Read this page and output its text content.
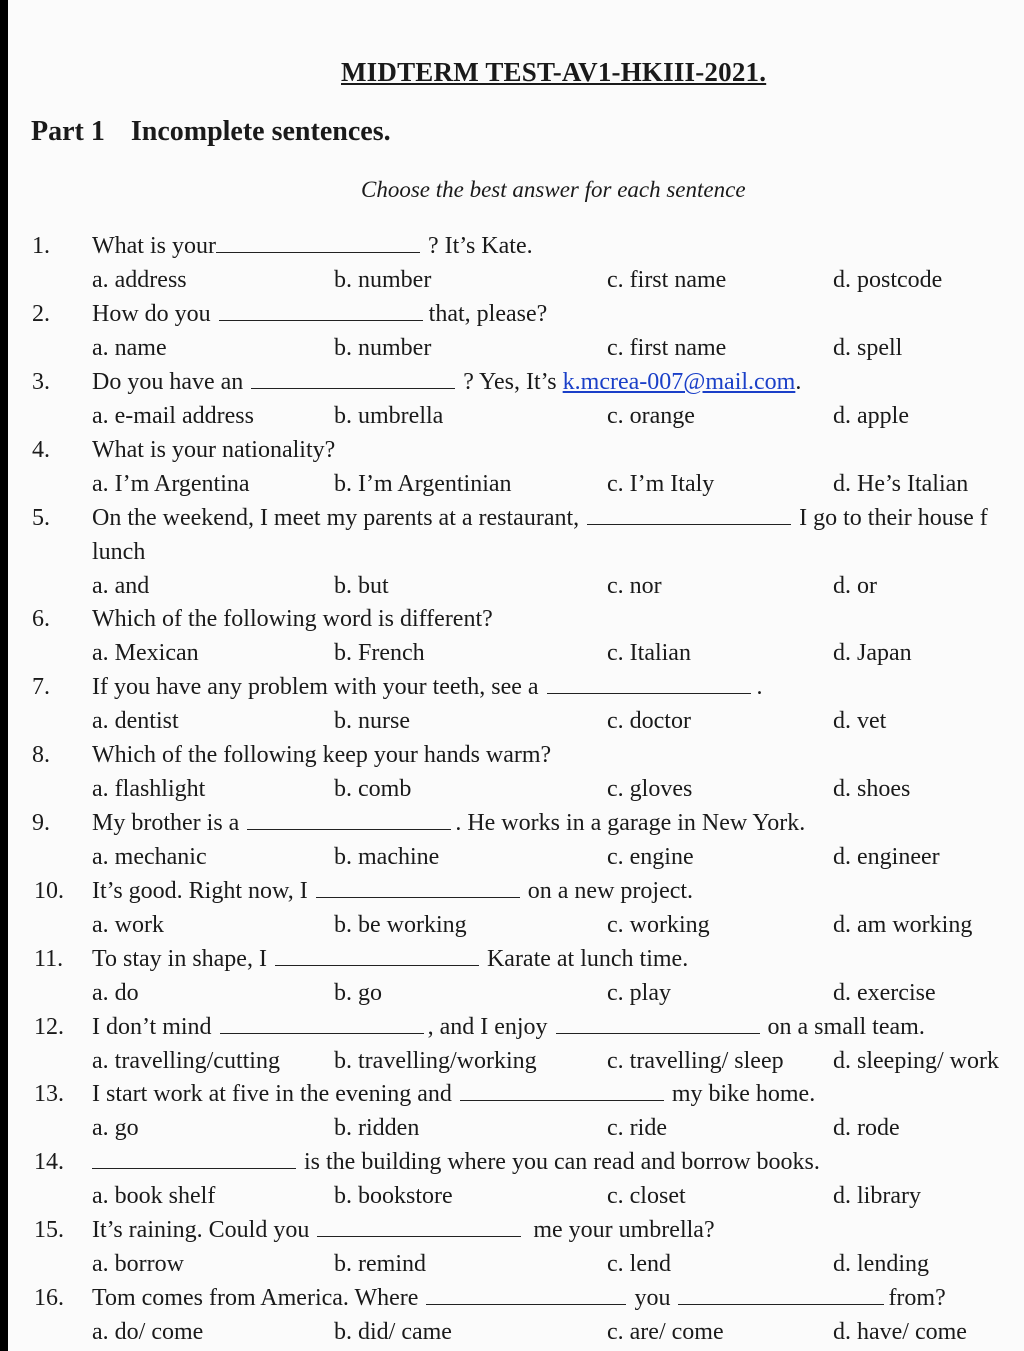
MIDTERM TEST-AV1-HKIII-2021.
Part 1 Incomplete sentences.
Choose the best answer for each sentence
1. What is your	? It’s Kate.
a. address	b. number	c. first name	d. postcode
2. How do you	that, please?
a. name	b. number	c. first name	d. spell
3. Do you have an	? Yes, It’s k.mcrea-007@mail.com.
a. e-mail address	b. umbrella	c. orange	d. apple
4. What is your nationality?
a. I’m Argentina	b. I’m Argentinian	c. I’m Italy	d. He’s Italian
5. On the weekend, I meet my parents at a restaurant,	I go to their house f
lunch
a. and	b. but	c. nor	d. or
6. Which of the following word is different?
a. Mexican	b. French	c. Italian	d. Japan
7. If you have any problem with your teeth, see a	.
a. dentist	b. nurse	c. doctor	d. vet
8. Which of the following keep your hands warm?
a. flashlight	b. comb	c. gloves	d. shoes
9. My brother is a	. He works in a garage in New York.
a. mechanic	b. machine	c. engine	d. engineer
10. It’s good. Right now, I	on a new project.
a. work	b. be working	c. working	d. am working
11. To stay in shape, I	Karate at lunch time.
a. do	b. go	c. play	d. exercise
12. I don’t mind	, and I enjoy	on a small team.
a. travelling/cutting b. travelling/working	c. travelling/ sleep d. sleeping/ work
13. I start work at five in the evening and	my bike home.
a. go	b. ridden	c. ride	d. rode
14.	is the building where you can read and borrow books.
a. book shelf	b. bookstore	c. closet	d. library
15. It’s raining. Could you	me your umbrella?
a. borrow	b. remind	c. lend	d. lending
16. Tom comes from America. Where	you	from?
a. do/ come	b. did/ came	c. are/ come	d. have/ come
